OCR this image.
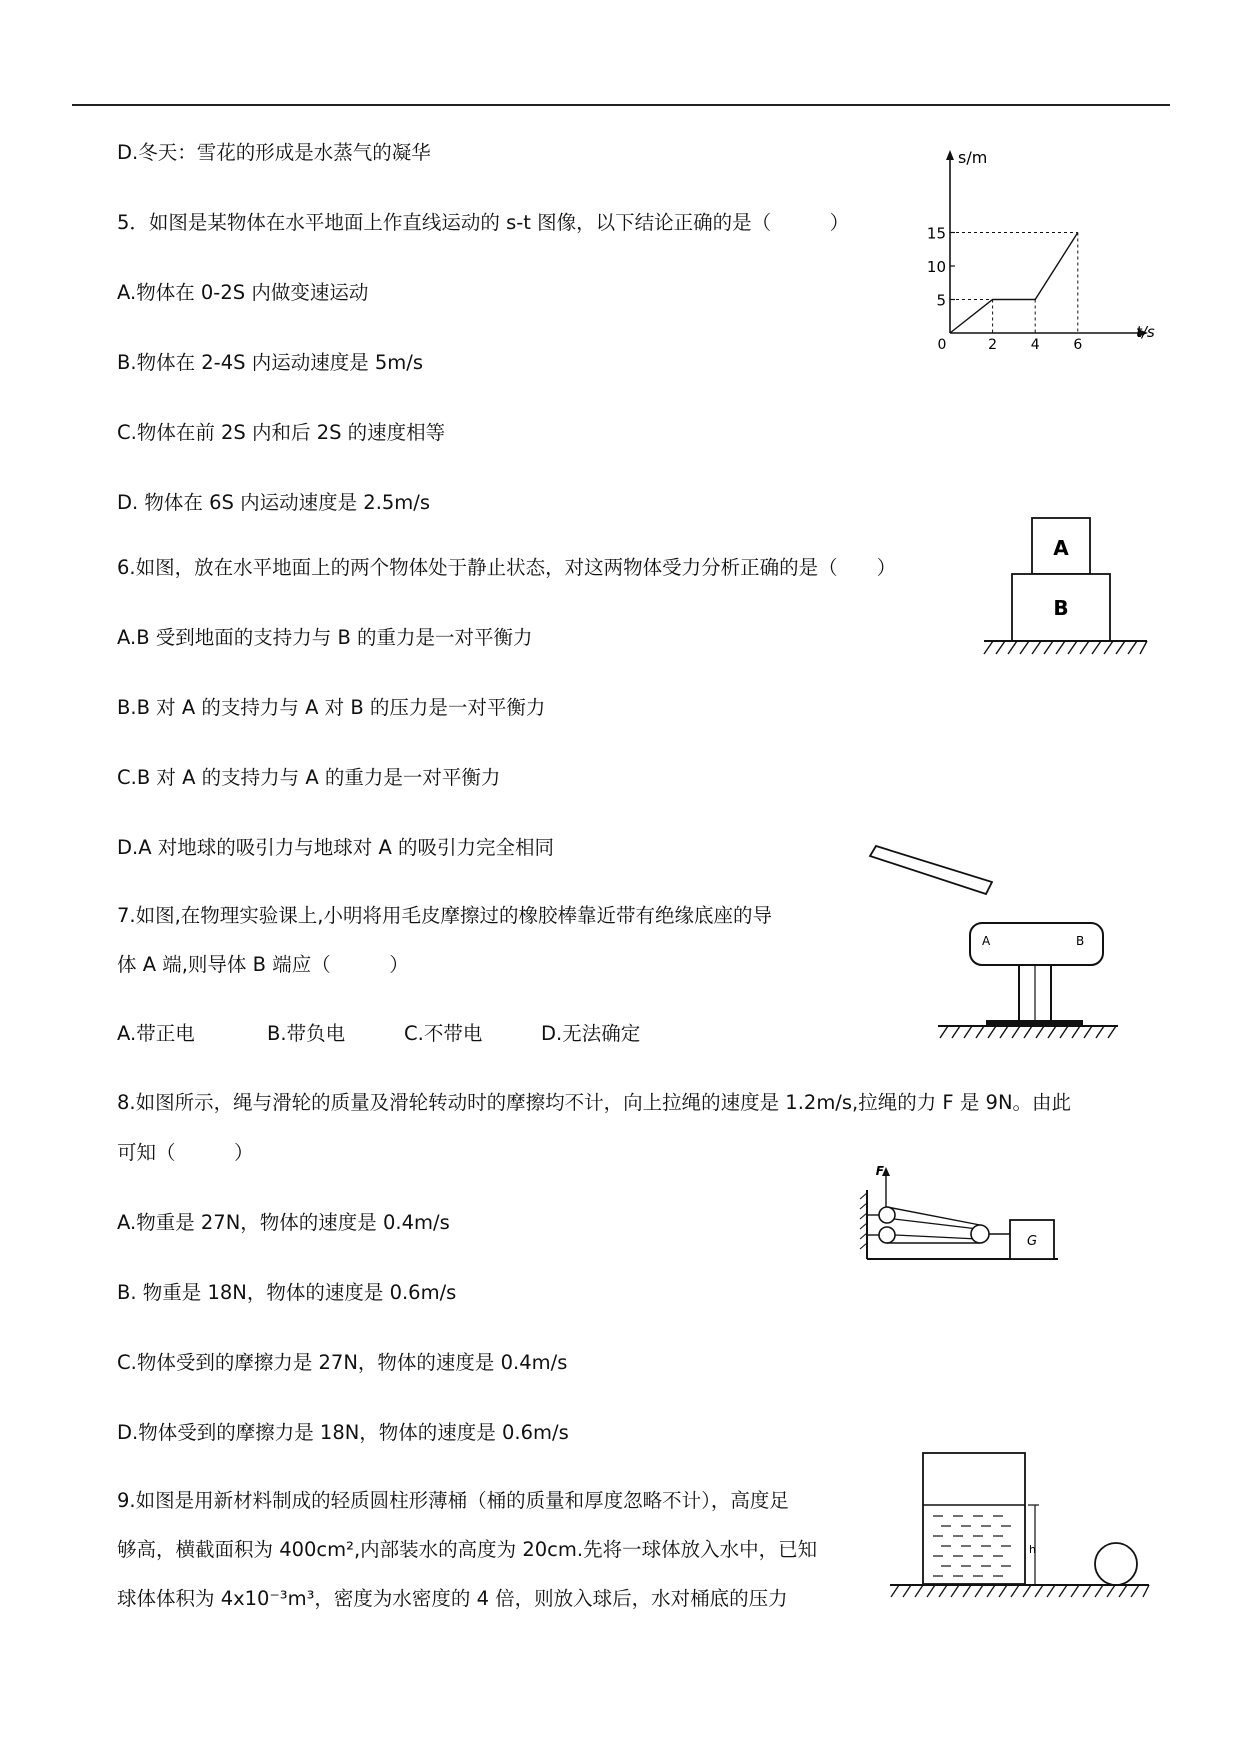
D.冬天：雪花的形成是水蒸气的凝华
5．如图是某物体在水平地面上作直线运动的 s-t 图像，以下结论正确的是（　　　）
A.物体在 0-2S 内做变速运动
B.物体在 2-4S 内运动速度是 5m/s
C.物体在前 2S 内和后 2S 的速度相等
D. 物体在 6S 内运动速度是 2.5m/s
s/m
t/s
0	2 4 6
5
10
15
6.如图，放在水平地面上的两个物体处于静止状态，对这两物体受力分析正确的是（　　）
A.B 受到地面的支持力与 B 的重力是一对平衡力
B.B 对 A 的支持力与 A 对 B 的压力是一对平衡力
C.B 对 A 的支持力与 A 的重力是一对平衡力
D.A 对地球的吸引力与地球对 A 的吸引力完全相同
A
B
7.如图,在物理实验课上,小明将用毛皮摩擦过的橡胶棒靠近带有绝缘底座的导
体 A 端,则导体 B 端应（　　　）
A.带正电	B.带负电	C.不带电	D.无法确定
A	B
8.如图所示，绳与滑轮的质量及滑轮转动时的摩擦均不计，向上拉绳的速度是 1.2m/s,拉绳的力 F 是 9N。由此
可知（　　　）
A.物重是 27N，物体的速度是 0.4m/s
B. 物重是 18N，物体的速度是 0.6m/s
C.物体受到的摩擦力是 27N，物体的速度是 0.4m/s
D.物体受到的摩擦力是 18N，物体的速度是 0.6m/s
F
G
9.如图是用新材料制成的轻质圆柱形薄桶（桶的质量和厚度忽略不计），高度足
够高，横截面积为 400cm²,内部装水的高度为 20cm.先将一球体放入水中，已知
球体体积为 4x10⁻³m³，密度为水密度的 4 倍，则放入球后，水对桶底的压力
h
